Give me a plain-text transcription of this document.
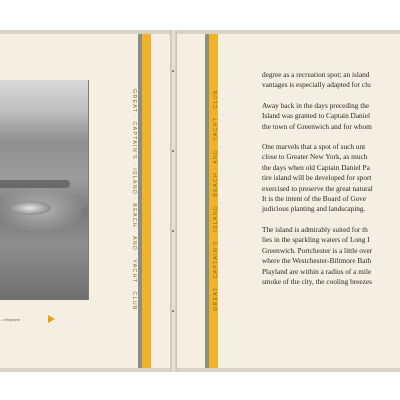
...velopment
GREAT · CAPTAIN'S · ISLAND · BEACH · AND · YACHT · CLUB	GREAT · CAPTAIN'S · ISLAND · BEACH · AND · YACHT · CLUB

degree as a recreation spot; an island
vantages is especially adapted for clu

Away back in the days preceding the
Island was granted to Captain Daniel
the town of Greenwich and for whom

One marvels that a spot of such unt
close to Greater New York, as much
the days when old Captain Daniel Pa
tire island will be developed for sport
exercised to preserve the great natural
It is the intent of the Board of Gove
judicious planting and landscaping.

The island is admirably suited for th
lies in the sparkling waters of Long I
Greenwich. Portchester is a little over
where the Westchester-Biltmore Bath
Playland are within a radius of a mile
smoke of the city, the cooling breezes
